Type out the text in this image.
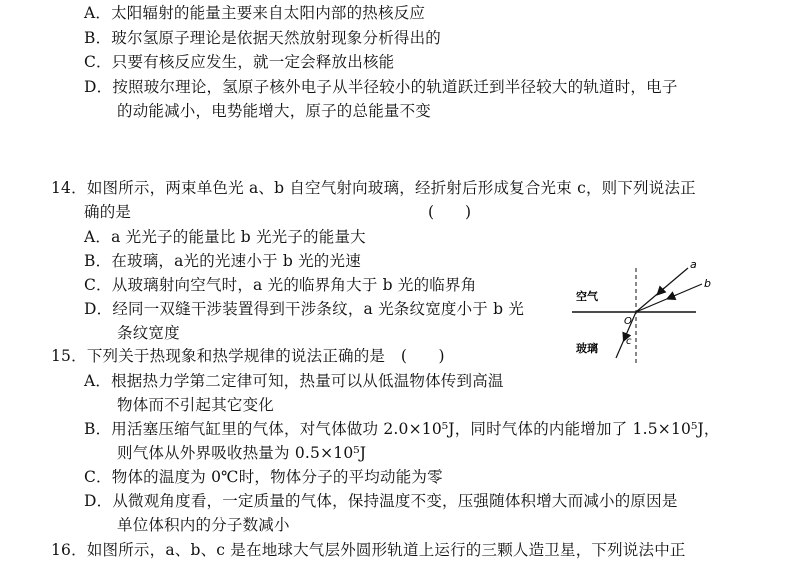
A．太阳辐射的能量主要来自太阳内部的热核反应
B．玻尔氢原子理论是依据天然放射现象分析得出的
C．只要有核反应发生，就一定会释放出核能
D．按照玻尔理论，氢原子核外电子从半径较小的轨道跃迁到半径较大的轨道时，电子
的动能减小，电势能增大，原子的总能量不变
14．如图所示，两束单色光 a、b 自空气射向玻璃，经折射后形成复合光束 c，则下列说法正
确的是	(　　)
A．a 光光子的能量比 b 光光子的能量大
B．在玻璃，a光的光速小于 b 光的光速
C．从玻璃射向空气时，a 光的临界角大于 b 光的临界角
D．经同一双缝干涉装置得到干涉条纹，a 光条纹宽度小于 b 光
条纹宽度
空气
玻璃
a
b
O
c
15．下列关于热现象和热学规律的说法正确的是　(　　)
A．根据热力学第二定律可知，热量可以从低温物体传到高温
物体而不引起其它变化
B．用活塞压缩气缸里的气体，对气体做功 2.0×10⁵J，同时气体的内能增加了 1.5×10⁵J，
则气体从外界吸收热量为 0.5×10⁵J
C．物体的温度为 0℃时，物体分子的平均动能为零
D．从微观角度看，一定质量的气体，保持温度不变，压强随体积增大而减小的原因是
单位体积内的分子数减小
16．如图所示，a、b、c 是在地球大气层外圆形轨道上运行的三颗人造卫星，下列说法中正
